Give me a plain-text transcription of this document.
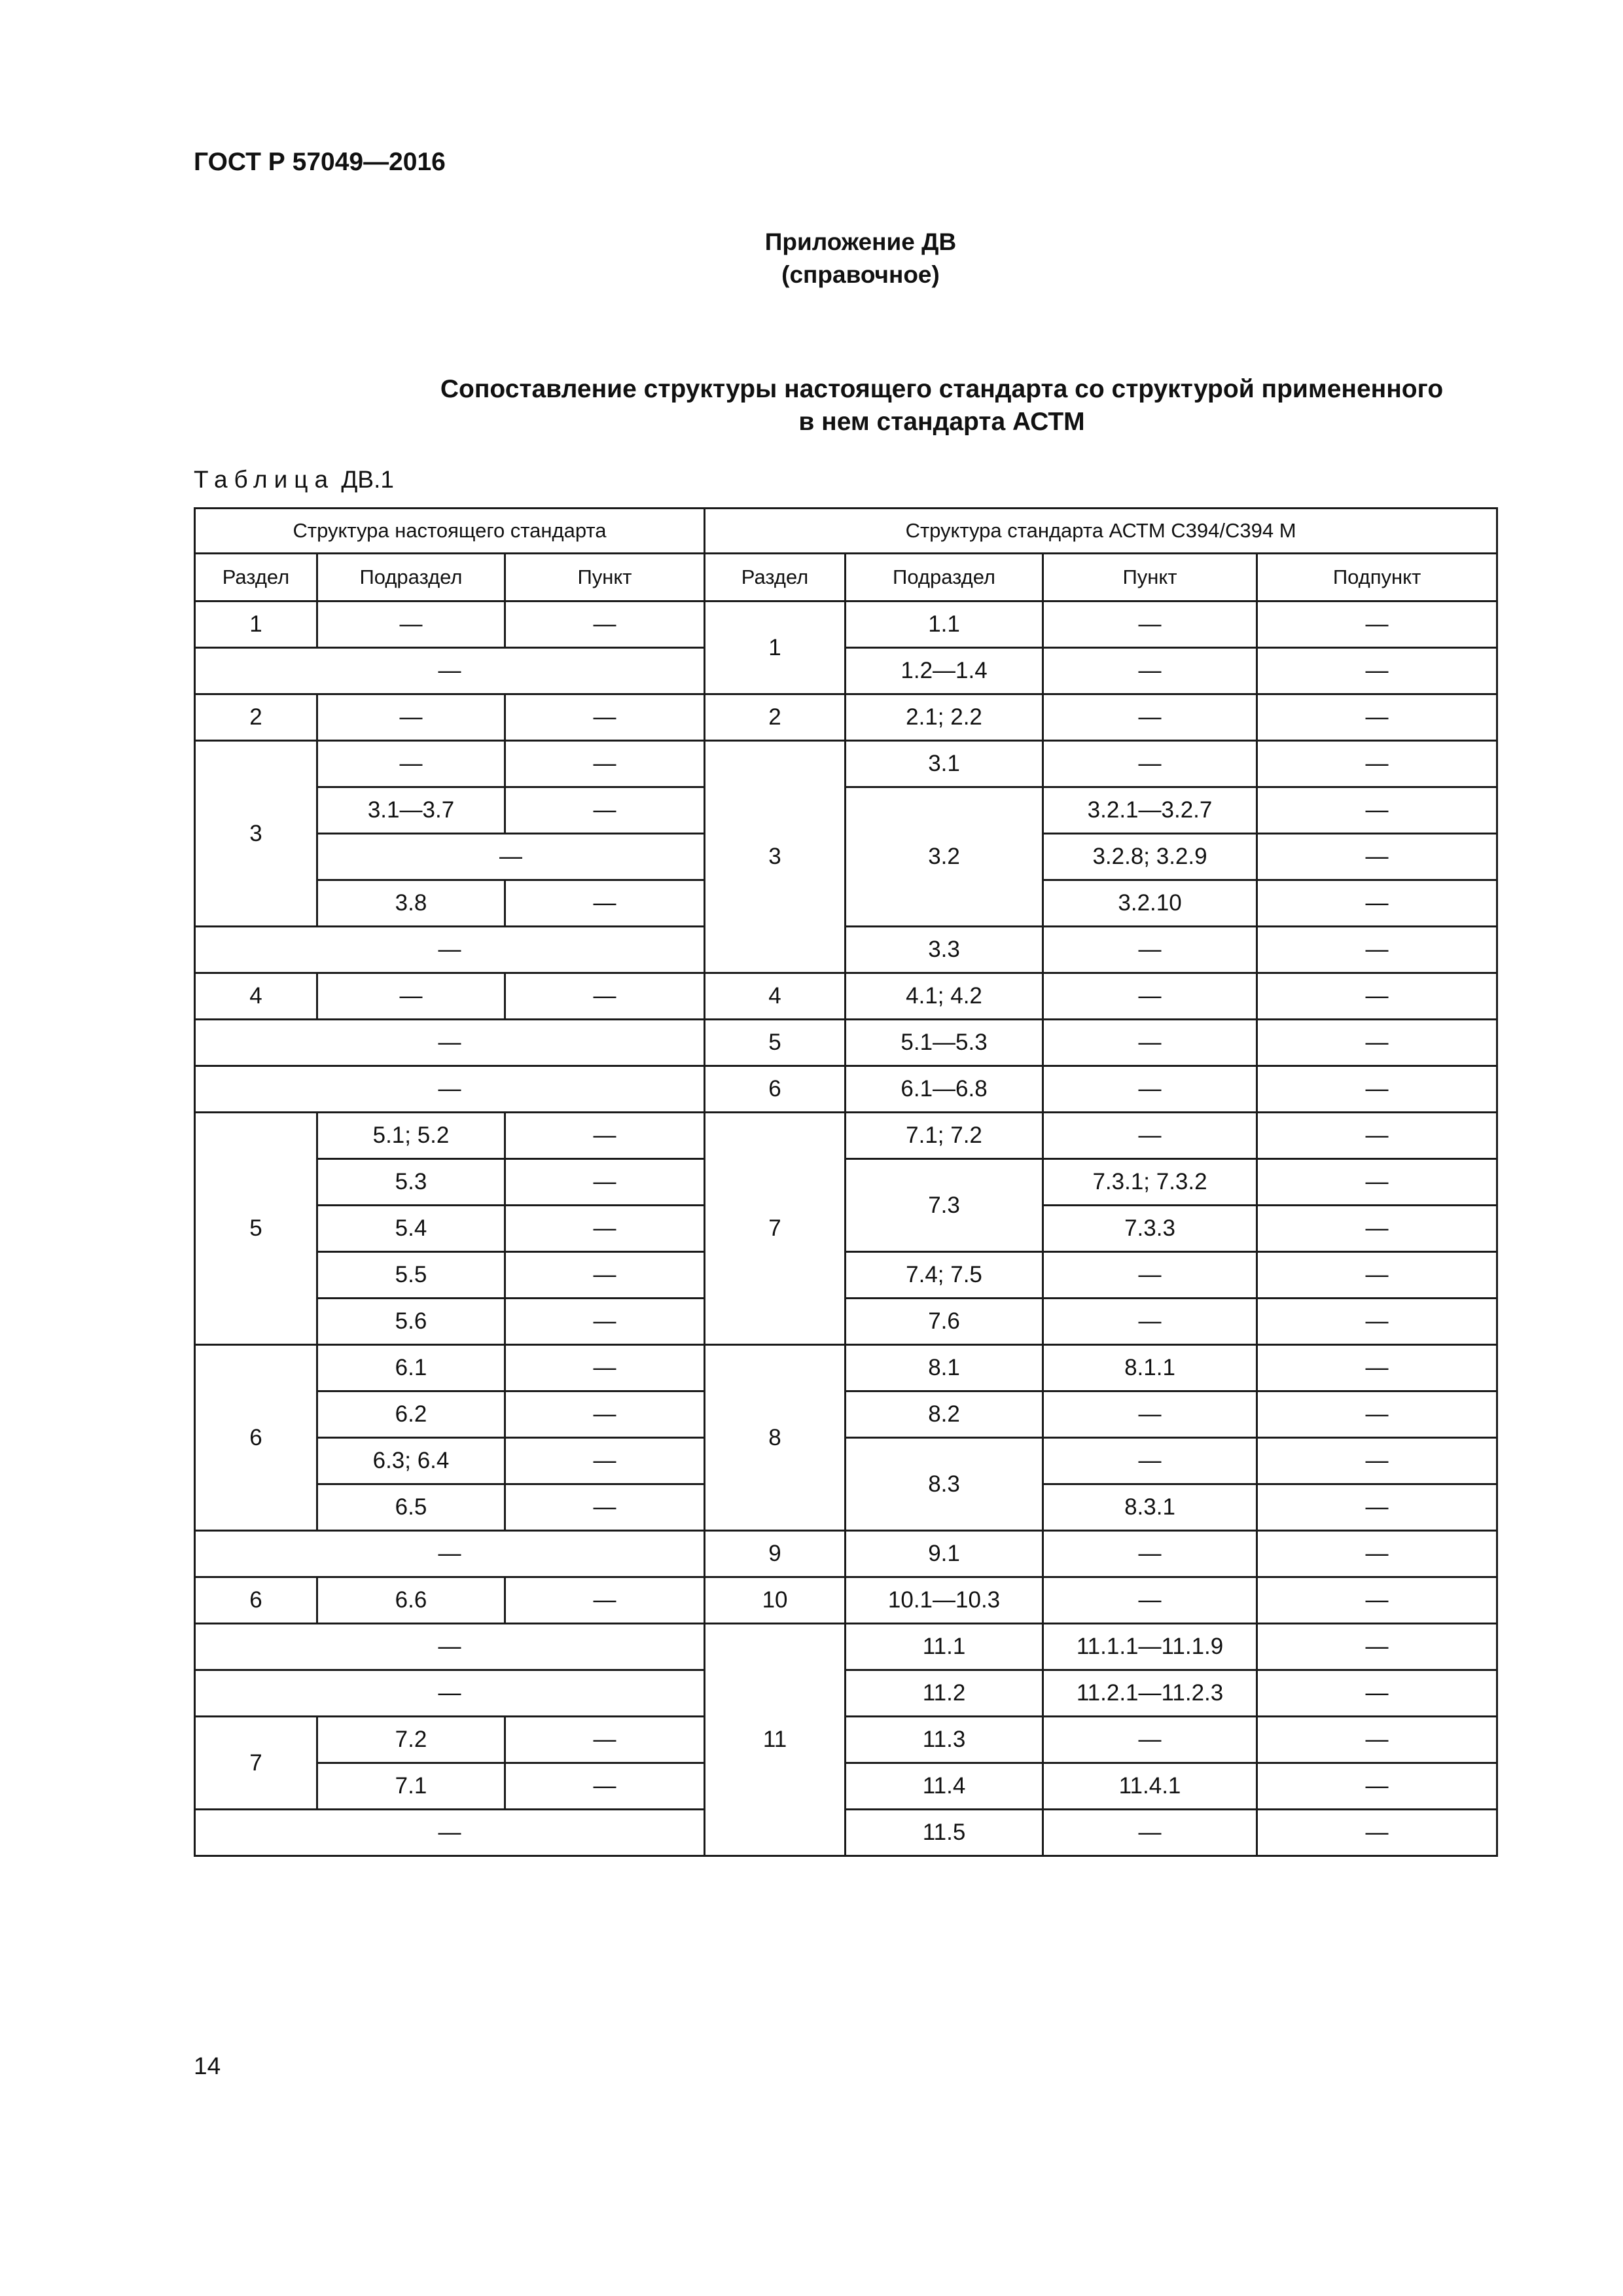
ГОСТ Р 57049—2016
Приложение ДВ
(справочное)
Сопоставление структуры настоящего стандарта со структурой примененного
в нем стандарта АСТМ
Таблица ДВ.1
Структура настоящего стандарта			Структура стандарта АСТМ C394/C394 M			
Раздел	Подраздел	Пункт	Раздел	Подраздел	Пункт	Подпункт
1	—	—	1	1.1	—	—
—				1.2—1.4	—	—
2	—	—	2	2.1; 2.2	—	—
3	—	—	3	3.1	—	—
	3.1—3.7	—		3.2	3.2.1—3.2.7	—
	—				3.2.8; 3.2.9	—
	3.8	—			3.2.10	—
—				3.3	—	—
4	—	—	4	4.1; 4.2	—	—
—			5	5.1—5.3	—	—
—			6	6.1—6.8	—	—
5	5.1; 5.2	—	7	7.1; 7.2	—	—
	5.3	—		7.3	7.3.1; 7.3.2	—
	5.4	—			7.3.3	—
	5.5	—		7.4; 7.5	—	—
	5.6	—		7.6	—	—
6	6.1	—	8	8.1	8.1.1	—
	6.2	—		8.2	—	—
	6.3; 6.4	—		8.3	—	—
	6.5	—			8.3.1	—
—			9	9.1	—	—
6	6.6	—	10	10.1—10.3	—	—
—			11	11.1	11.1.1—11.1.9	—
—				11.2	11.2.1—11.2.3	—
7	7.2	—		11.3	—	—
	7.1	—		11.4	11.4.1	—
—				11.5	—	—
14
